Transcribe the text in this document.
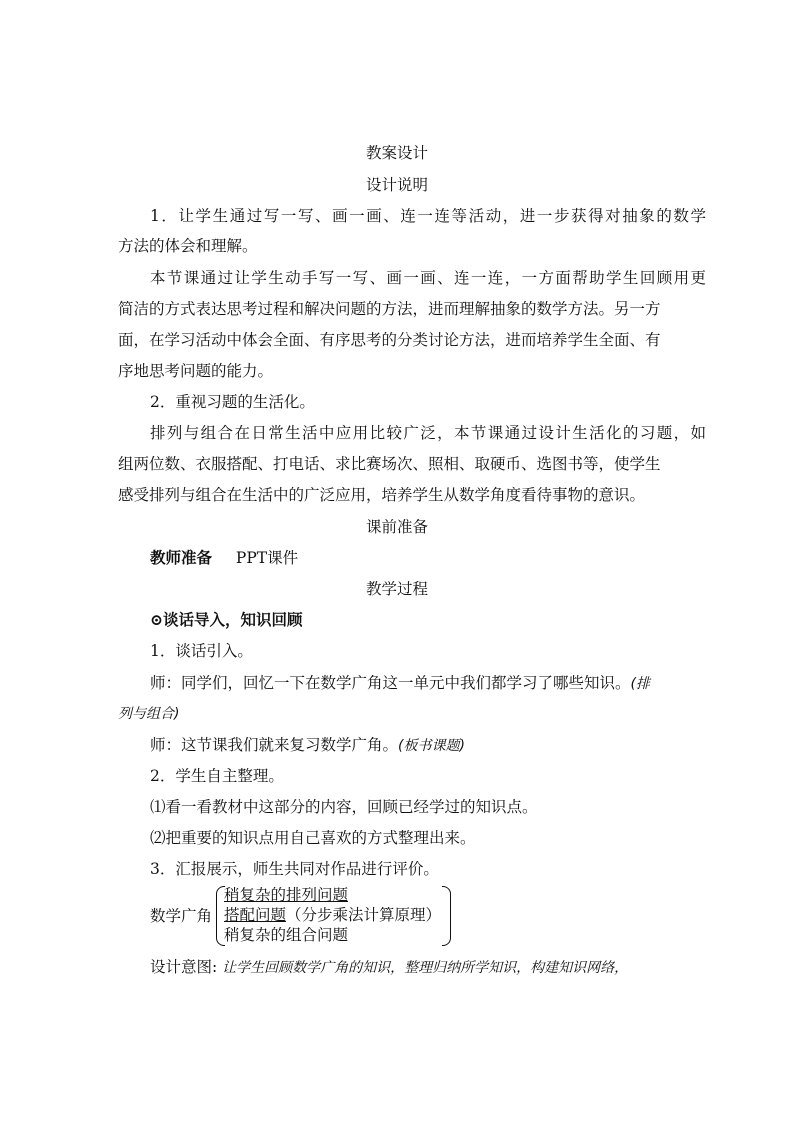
教案设计
设计说明
1．让学生通过写一写、画一画、连一连等活动，进一步获得对抽象的数学
方法的体会和理解。
本节课通过让学生动手写一写、画一画、连一连，一方面帮助学生回顾用更
简洁的方式表达思考过程和解决问题的方法，进而理解抽象的数学方法。另一方
面，在学习活动中体会全面、有序思考的分类讨论方法，进而培养学生全面、有
序地思考问题的能力。
2．重视习题的生活化。
排列与组合在日常生活中应用比较广泛，本节课通过设计生活化的习题，如
组两位数、衣服搭配、打电话、求比赛场次、照相、取硬币、选图书等，使学生
感受排列与组合在生活中的广泛应用，培养学生从数学角度看待事物的意识。
课前准备
教师准备 PPT课件
教学过程
⊙谈话导入，知识回顾
1．谈话引入。
师：同学们，回忆一下在数学广角这一单元中我们都学习了哪些知识。(排
列与组合)
师：这节课我们就来复习数学广角。(板书课题)
2．学生自主整理。
⑴看一看教材中这部分的内容，回顾已经学过的知识点。
⑵把重要的知识点用自己喜欢的方式整理出来。
3．汇报展示，师生共同对作品进行评价。
数学广角
稍复杂的排列问题
搭配问题（分步乘法计算原理）
稍复杂的组合问题
设计意图: 让学生回顾数学广角的知识，整理归纳所学知识，构建知识网络，
